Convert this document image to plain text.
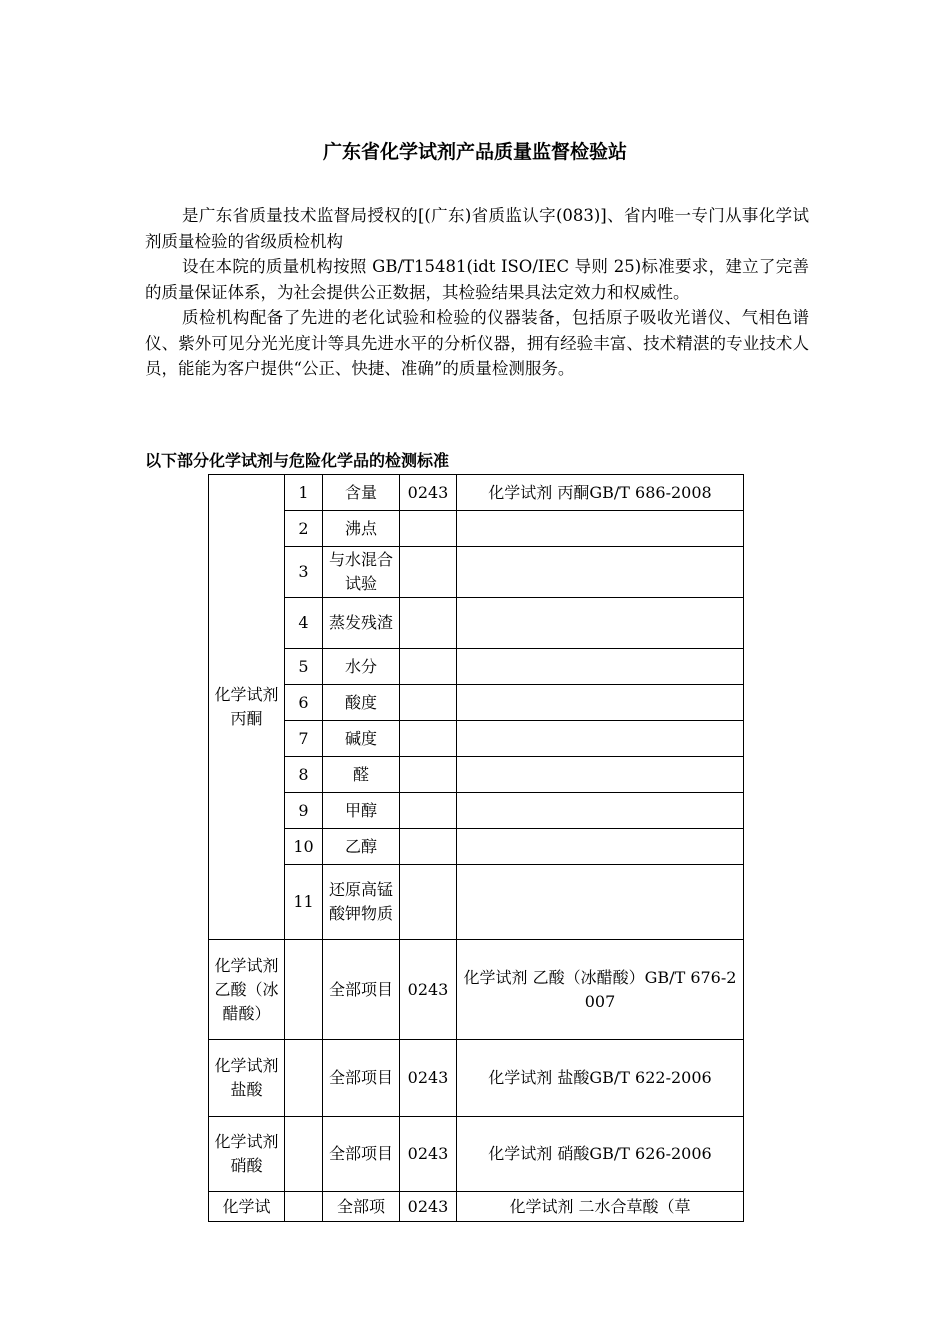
广东省化学试剂产品质量监督检验站

是广东省质量技术监督局授权的[(广东)省质监认字(083)]、省内唯一专门从事化学试剂质量检验的省级质检机构

设在本院的质量机构按照 GB/T15481(idt ISO/IEC 导则 25)标准要求，建立了完善的质量保证体系，为社会提供公正数据，其检验结果具法定效力和权威性。

质检机构配备了先进的老化试验和检验的仪器装备，包括原子吸收光谱仪、气相色谱仪、紫外可见分光光度计等具先进水平的分析仪器，拥有经验丰富、技术精湛的专业技术人员，能能为客户提供“公正、快捷、准确”的质量检测服务。

以下部分化学试剂与危险化学品的检测标准
化学试剂 丙酮	1	含量	0243	化学试剂 丙酮GB/T 686-2008
	2	沸点		
	3	与水混合试验		
	4	蒸发残渣		
	5	水分		
	6	酸度		
	7	碱度		
	8	醛		
	9	甲醇		
	10	乙醇		
	11	还原高锰酸钾物质		
化学试剂 乙酸（冰醋酸）		全部项目	0243	化学试剂 乙酸（冰醋酸）GB/T 676-2007
化学试剂 盐酸		全部项目	0243	化学试剂 盐酸GB/T 622-2006
化学试剂 硝酸		全部项目	0243	化学试剂 硝酸GB/T 626-2006
化学试		全部项	0243	化学试剂 二水合草酸（草
